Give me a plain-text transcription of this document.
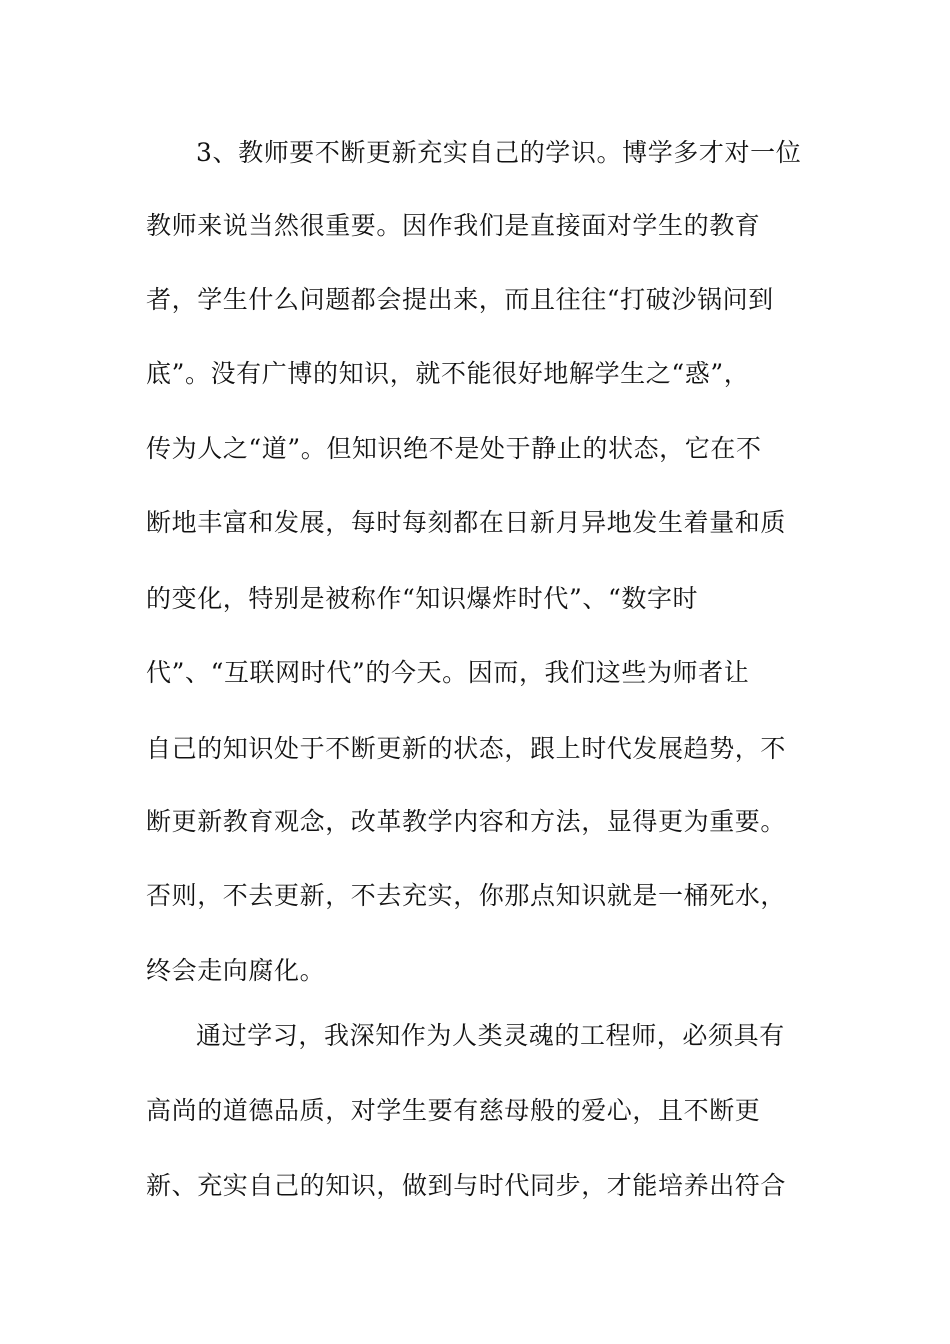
3、教师要不断更新充实自己的学识。博学多才对一位
教师来说当然很重要。因作我们是直接面对学生的教育
者，学生什么问题都会提出来，而且往往“打破沙锅问到
底”。没有广博的知识，就不能很好地解学生之“惑”，
传为人之“道”。但知识绝不是处于静止的状态，它在不
断地丰富和发展，每时每刻都在日新月异地发生着量和质
的变化，特别是被称作“知识爆炸时代”、“数字时
代”、“互联网时代”的今天。因而，我们这些为师者让
自己的知识处于不断更新的状态，跟上时代发展趋势，不
断更新教育观念，改革教学内容和方法，显得更为重要。
否则，不去更新，不去充实，你那点知识就是一桶死水，
终会走向腐化。
通过学习，我深知作为人类灵魂的工程师，必须具有
高尚的道德品质，对学生要有慈母般的爱心，且不断更
新、充实自己的知识，做到与时代同步，才能培养出符合
